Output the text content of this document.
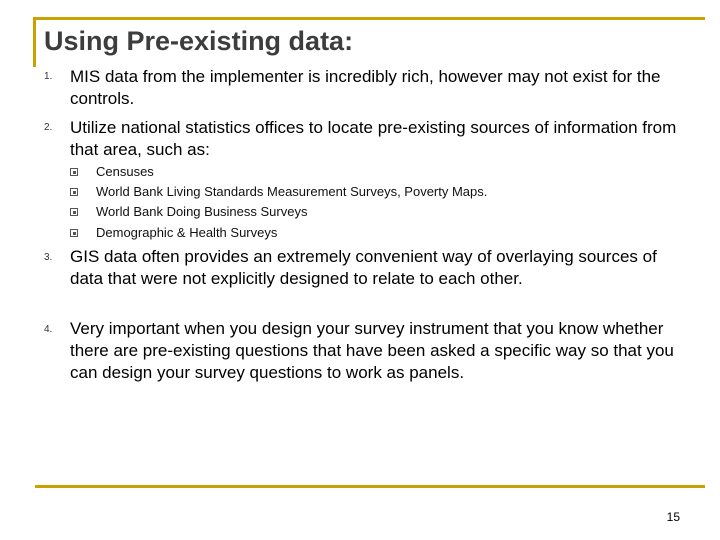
Using Pre-existing data:
1. MIS data from the implementer is incredibly rich, however may not exist for the controls.
2. Utilize national statistics offices to locate pre-existing sources of information from that area, such as:
Censuses
World Bank Living Standards Measurement Surveys, Poverty Maps.
World Bank Doing Business Surveys
Demographic & Health Surveys
3. GIS data often provides an extremely convenient way of overlaying sources of data that were not explicitly designed to relate to each other.
4. Very important when you design your survey instrument that you know whether there are pre-existing questions that have been asked a specific way so that you can design your survey questions to work as panels.
15
